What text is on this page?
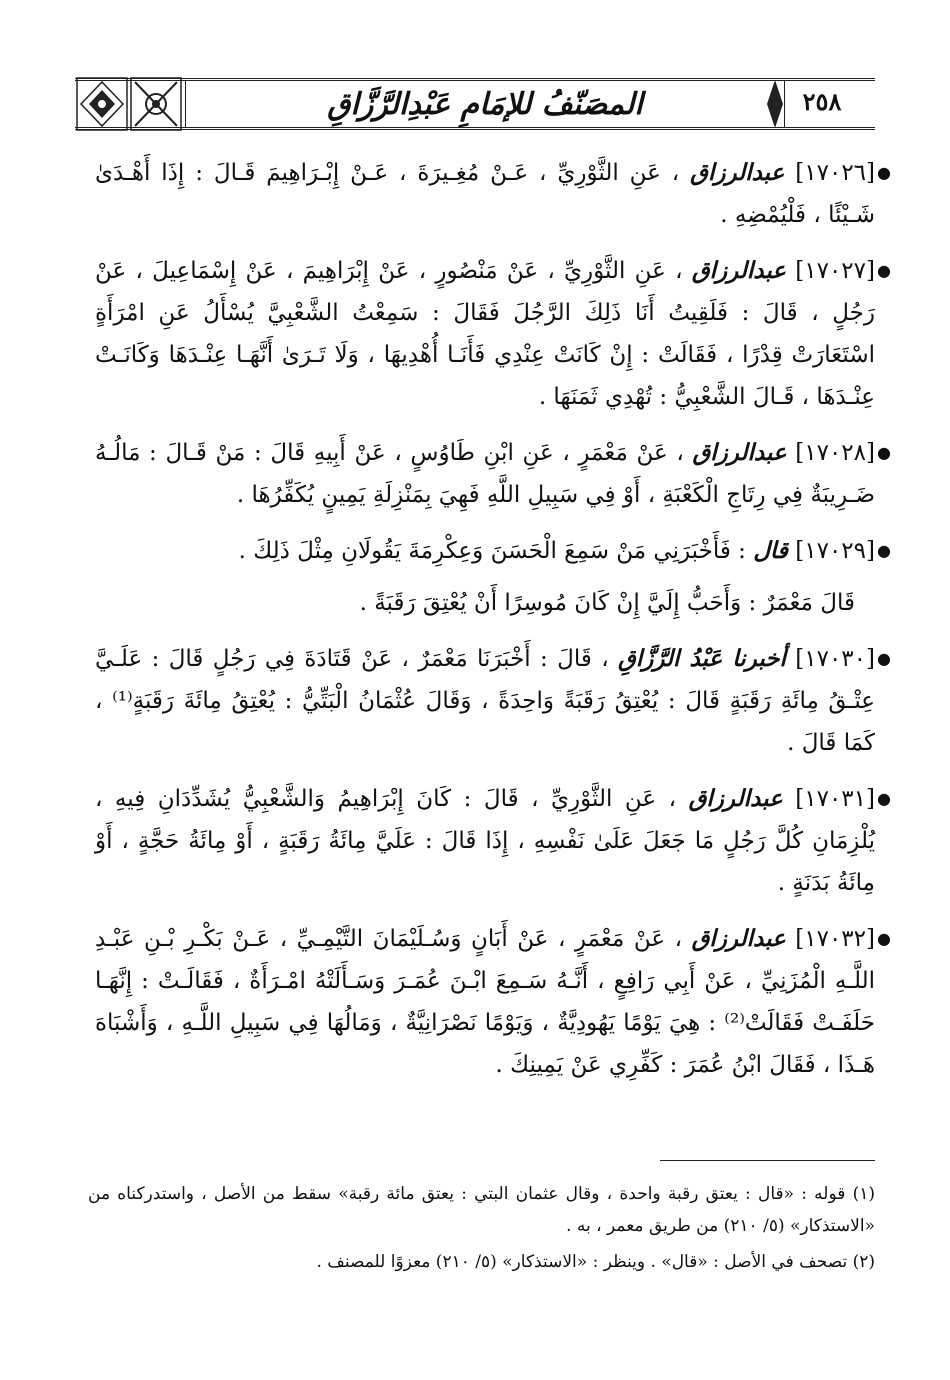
المصَنّفُ للإمَامِ عَبْدِالرَّزَّاقِ	٢٥٨

●
[١٧٠٢٦] عبدالرزاق ، عَنِ الثَّوْرِيِّ ، عَـنْ مُغِـيرَةَ ، عَـنْ إِبْـرَاهِيمَ قَـالَ : إِذَا أَهْـدَىٰ شَـيْئًا ، فَلْيُمْضِهِ .

●
[١٧٠٢٧] عبدالرزاق ، عَنِ الثَّوْرِيِّ ، عَنْ مَنْصُورٍ ، عَنْ إِبْرَاهِيمَ ، عَنْ إِسْمَاعِيلَ ، عَنْ رَجُلٍ ، قَالَ : فَلَقِيتُ أَنَا ذَلِكَ الرَّجُلَ فَقَالَ : سَمِعْتُ الشَّعْبِيَّ يُسْأَلُ عَنِ امْرَأَةٍ اسْتَعَارَتْ قِدْرًا ، فَقَالَتْ : إِنْ كَانَتْ عِنْدِي فَأَنَـا أُهْدِيهَا ، وَلَا تَـرَىٰ أَنَّهَـا عِنْـدَهَا وَكَانَـتْ عِنْـدَهَا ، قَـالَ الشَّعْبِيُّ : تُهْدِي ثَمَنَهَا .

●
[١٧٠٢٨] عبدالرزاق ، عَنْ مَعْمَرٍ ، عَنِ ابْنِ طَاوُسٍ ، عَنْ أَبِيهِ قَالَ : مَنْ قَـالَ : مَالُـهُ ضَـرِيبَةٌ فِي رِتَاجِ الْكَعْبَةِ ، أَوْ فِي سَبِيلِ اللَّهِ فَهِيَ بِمَنْزِلَةِ يَمِينٍ يُكَفِّرُهَا .

●
[١٧٠٢٩] قال : فَأَخْبَرَنِي مَنْ سَمِعَ الْحَسَنَ وَعِكْرِمَةَ يَقُولَانِ مِثْلَ ذَلِكَ .

قَالَ مَعْمَرٌ : وَأَحَبُّ إِلَيَّ إِنْ كَانَ مُوسِرًا أَنْ يُعْتِقَ رَقَبَةً .

●
[١٧٠٣٠] أخبرنا عَبْدُ الرَّزَّاقِ ، قَالَ : أَخْبَرَنَا مَعْمَرٌ ، عَنْ قَتَادَةَ فِي رَجُلٍ قَالَ : عَلَـيَّ عِتْـقُ مِائَةِ رَقَبَةٍ قَالَ : يُعْتِقُ رَقَبَةً وَاحِدَةً ، وَقَالَ عُثْمَانُ الْبَتِّيُّ : يُعْتِقُ مِائَةَ رَقَبَةٍ⁽¹⁾ ، كَمَا قَالَ .

●
[١٧٠٣١] عبدالرزاق ، عَنِ الثَّوْرِيِّ ، قَالَ : كَانَ إِبْرَاهِيمُ وَالشَّعْبِيُّ يُشَدِّدَانِ فِيهِ ، يُلْزِمَانِ كُلَّ رَجُلٍ مَا جَعَلَ عَلَىٰ نَفْسِهِ ، إِذَا قَالَ : عَلَيَّ مِائَةُ رَقَبَةٍ ، أَوْ مِائَةُ حَجَّةٍ ، أَوْ مِائَةُ بَدَنَةٍ .

●
[١٧٠٣٢] عبدالرزاق ، عَنْ مَعْمَرٍ ، عَنْ أَبَانٍ وَسُـلَيْمَانَ التَّيْمِـيِّ ، عَـنْ بَكْـرِ بْـنِ عَبْـدِ اللَّـهِ الْمُزَنِيِّ ، عَنْ أَبِي رَافِعٍ ، أَنَّـهُ سَـمِعَ ابْـنَ عُمَـرَ وَسَـأَلَتْهُ امْـرَأَةٌ ، فَقَالَـتْ : إِنَّهَـا حَلَفَـتْ فَقَالَتْ⁽²⁾ : هِيَ يَوْمًا يَهُودِيَّةٌ ، وَيَوْمًا نَصْرَانِيَّةٌ ، وَمَالُهَا فِي سَبِيلِ اللَّـهِ ، وَأَشْبَاهَ هَـذَا ، فَقَالَ ابْنُ عُمَرَ : كَفِّرِي عَنْ يَمِينِكَ .

(١) قوله : «قال : يعتق رقبة واحدة ، وقال عثمان البتي : يعتق مائة رقبة» سقط من الأصل ، واستدركناه من «الاستذكار» (٥/ ٢١٠) من طريق معمر ، به .

(٢) تصحف في الأصل : «قال» . وينظر : «الاستذكار» (٥/ ٢١٠) معزوًا للمصنف .
